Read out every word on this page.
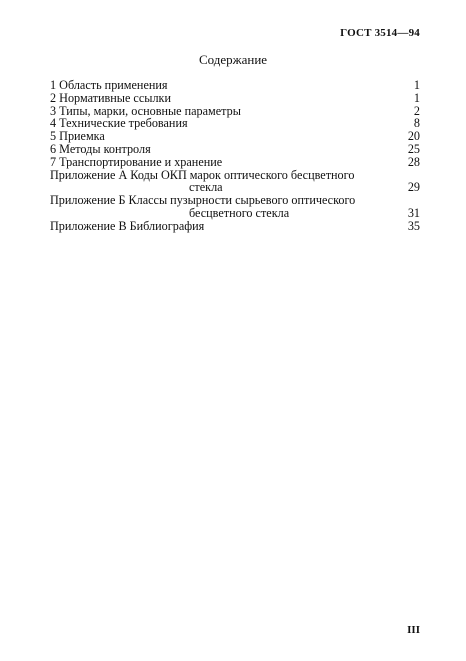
ГОСТ 3514—94
Содержание
1 Область применения	1
2 Нормативные ссылки	1
3 Типы, марки, основные параметры	2
4 Технические требования	8
5 Приемка	20
6 Методы контроля	25
7 Транспортирование и хранение	28
Приложение А Коды ОКП марок оптического бесцветного
стекла	29
Приложение Б Классы пузырности сырьевого оптического
бесцветного стекла	31
Приложение В Библиография	35
III
